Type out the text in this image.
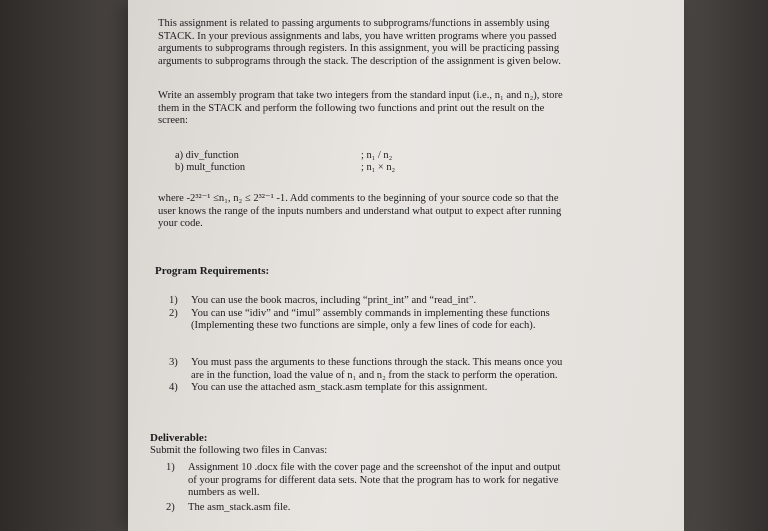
This assignment is related to passing arguments to subprograms/functions in assembly using
STACK. In your previous assignments and labs, you have written programs where you passed
arguments to subprograms through registers. In this assignment, you will be practicing passing
arguments to subprograms through the stack. The description of the assignment is given below.
Write an assembly program that take two integers from the standard input (i.e., n₁ and n₂), store
them in the STACK and perform the following two functions and print out the result on the
screen:
a) div_function	; n₁ / n₂
b) mult_function	; n₁ × n₂
where -2³²⁻¹ ≤n₁, n₂ ≤ 2³²⁻¹ -1. Add comments to the beginning of your source code so that the
user knows the range of the inputs numbers and understand what output to expect after running
your code.
Program Requirements:
1) You can use the book macros, including “print_int” and “read_int”.
2) You can use “idiv” and “imul” assembly commands in implementing these functions
(Implementing these two functions are simple, only a few lines of code for each).
3) You must pass the arguments to these functions through the stack. This means once you
are in the function, load the value of n₁ and n₂ from the stack to perform the operation.
4) You can use the attached asm_stack.asm template for this assignment.
Deliverable:
Submit the following two files in Canvas:
1) Assignment 10 .docx file with the cover page and the screenshot of the input and output
of your programs for different data sets. Note that the program has to work for negative
numbers as well.
2) The asm_stack.asm file.
